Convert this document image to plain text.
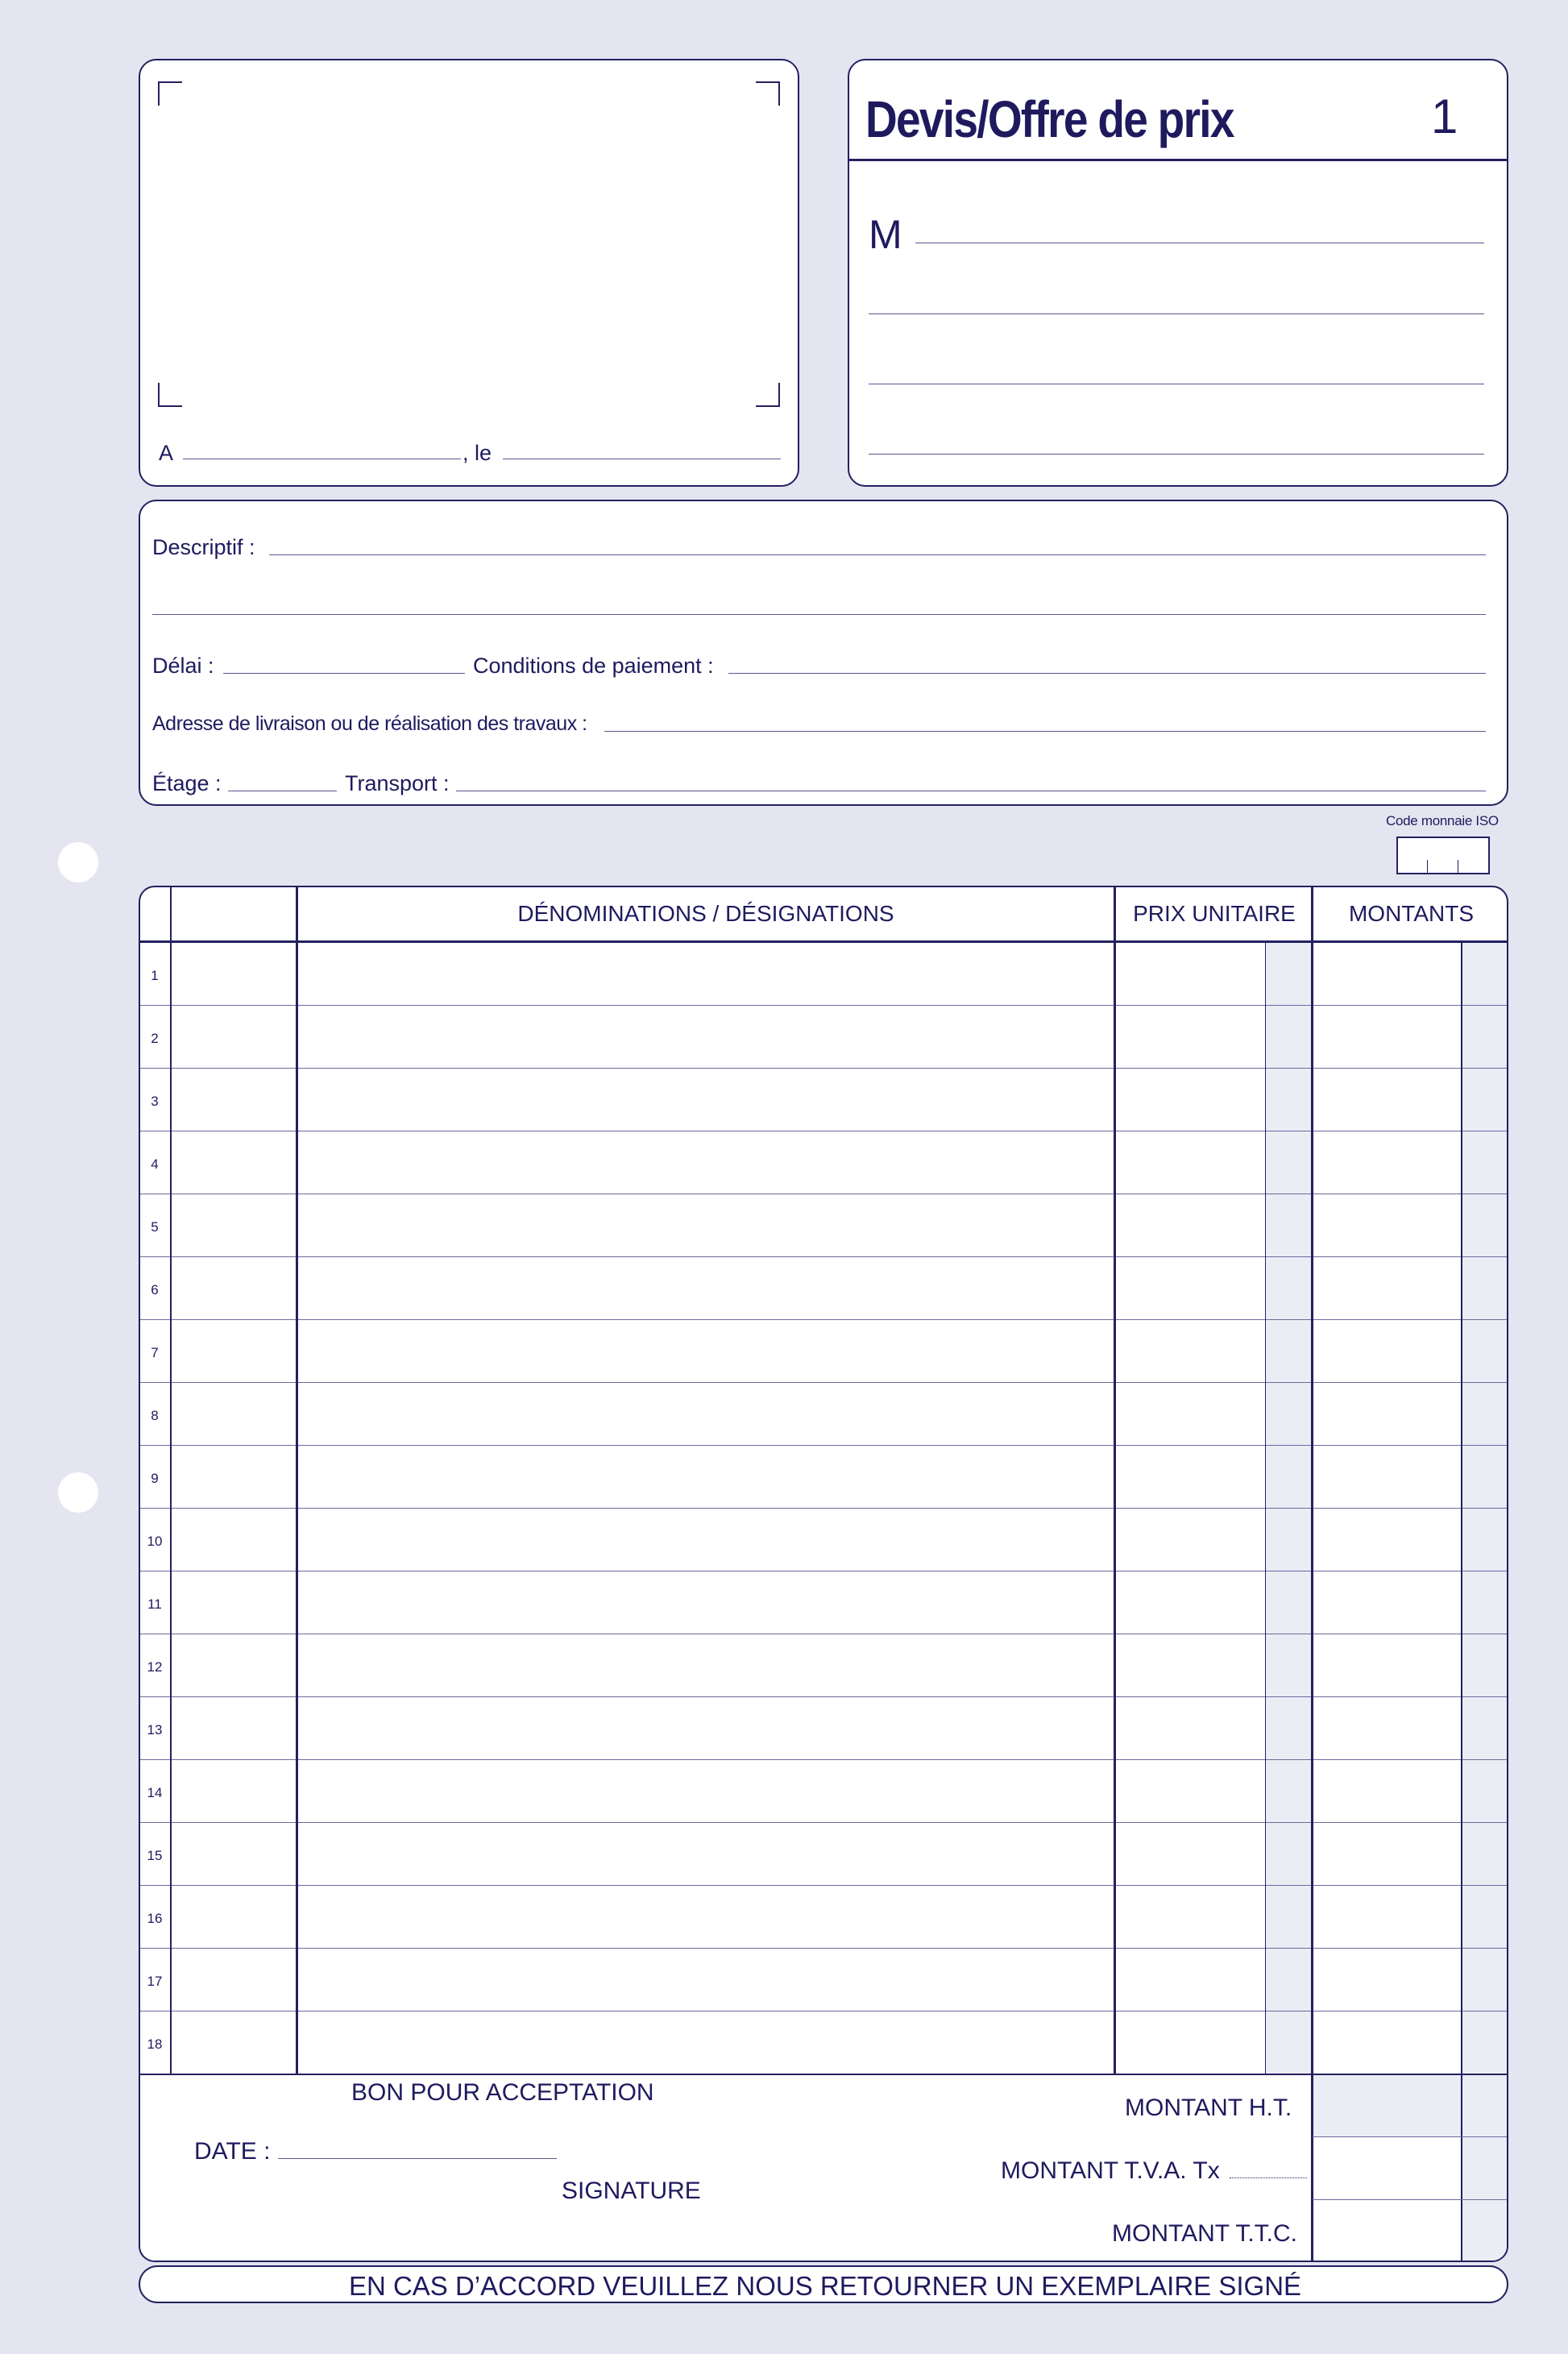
A	, le
Devis/Offre de prix	1
M
Descriptif :
Délai :	Conditions de paiement :
Adresse de livraison ou de réalisation des travaux :
Étage :	Transport :
Code monnaie ISO
DÉNOMINATIONS / DÉSIGNATIONS	PRIX UNITAIRE	MONTANTS
1
2
3
4
5
6
7
8
9
10
11
12
13
14
15
16
17
18
BON POUR ACCEPTATION
DATE :
SIGNATURE
MONTANT H.T.
MONTANT T.V.A. Tx
MONTANT T.T.C.
EN CAS D’ACCORD VEUILLEZ NOUS RETOURNER UN EXEMPLAIRE SIGNÉ
